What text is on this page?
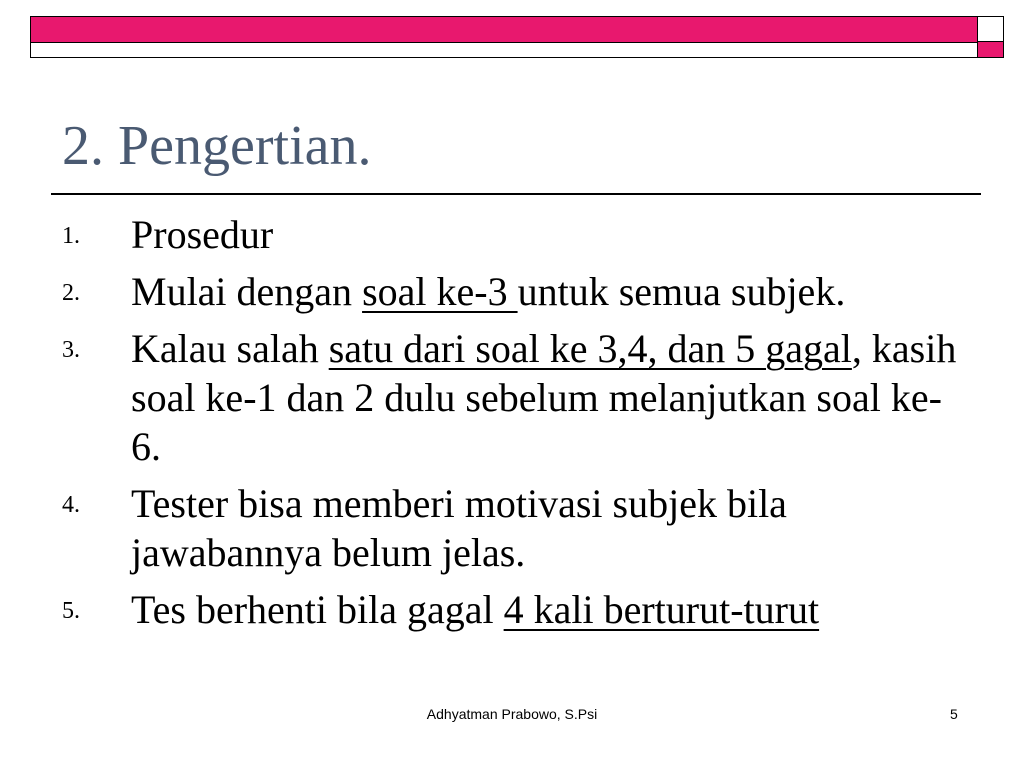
2. Pengertian.
1. Prosedur
2. Mulai dengan soal ke-3 untuk semua subjek.
3. Kalau salah satu dari soal ke 3,4, dan 5 gagal, kasih soal ke-1 dan 2 dulu sebelum melanjutkan soal ke-6.
4. Tester bisa memberi motivasi subjek bila jawabannya belum jelas.
5. Tes berhenti bila gagal 4 kali berturut-turut
Adhyatman Prabowo, S.Psi	5
